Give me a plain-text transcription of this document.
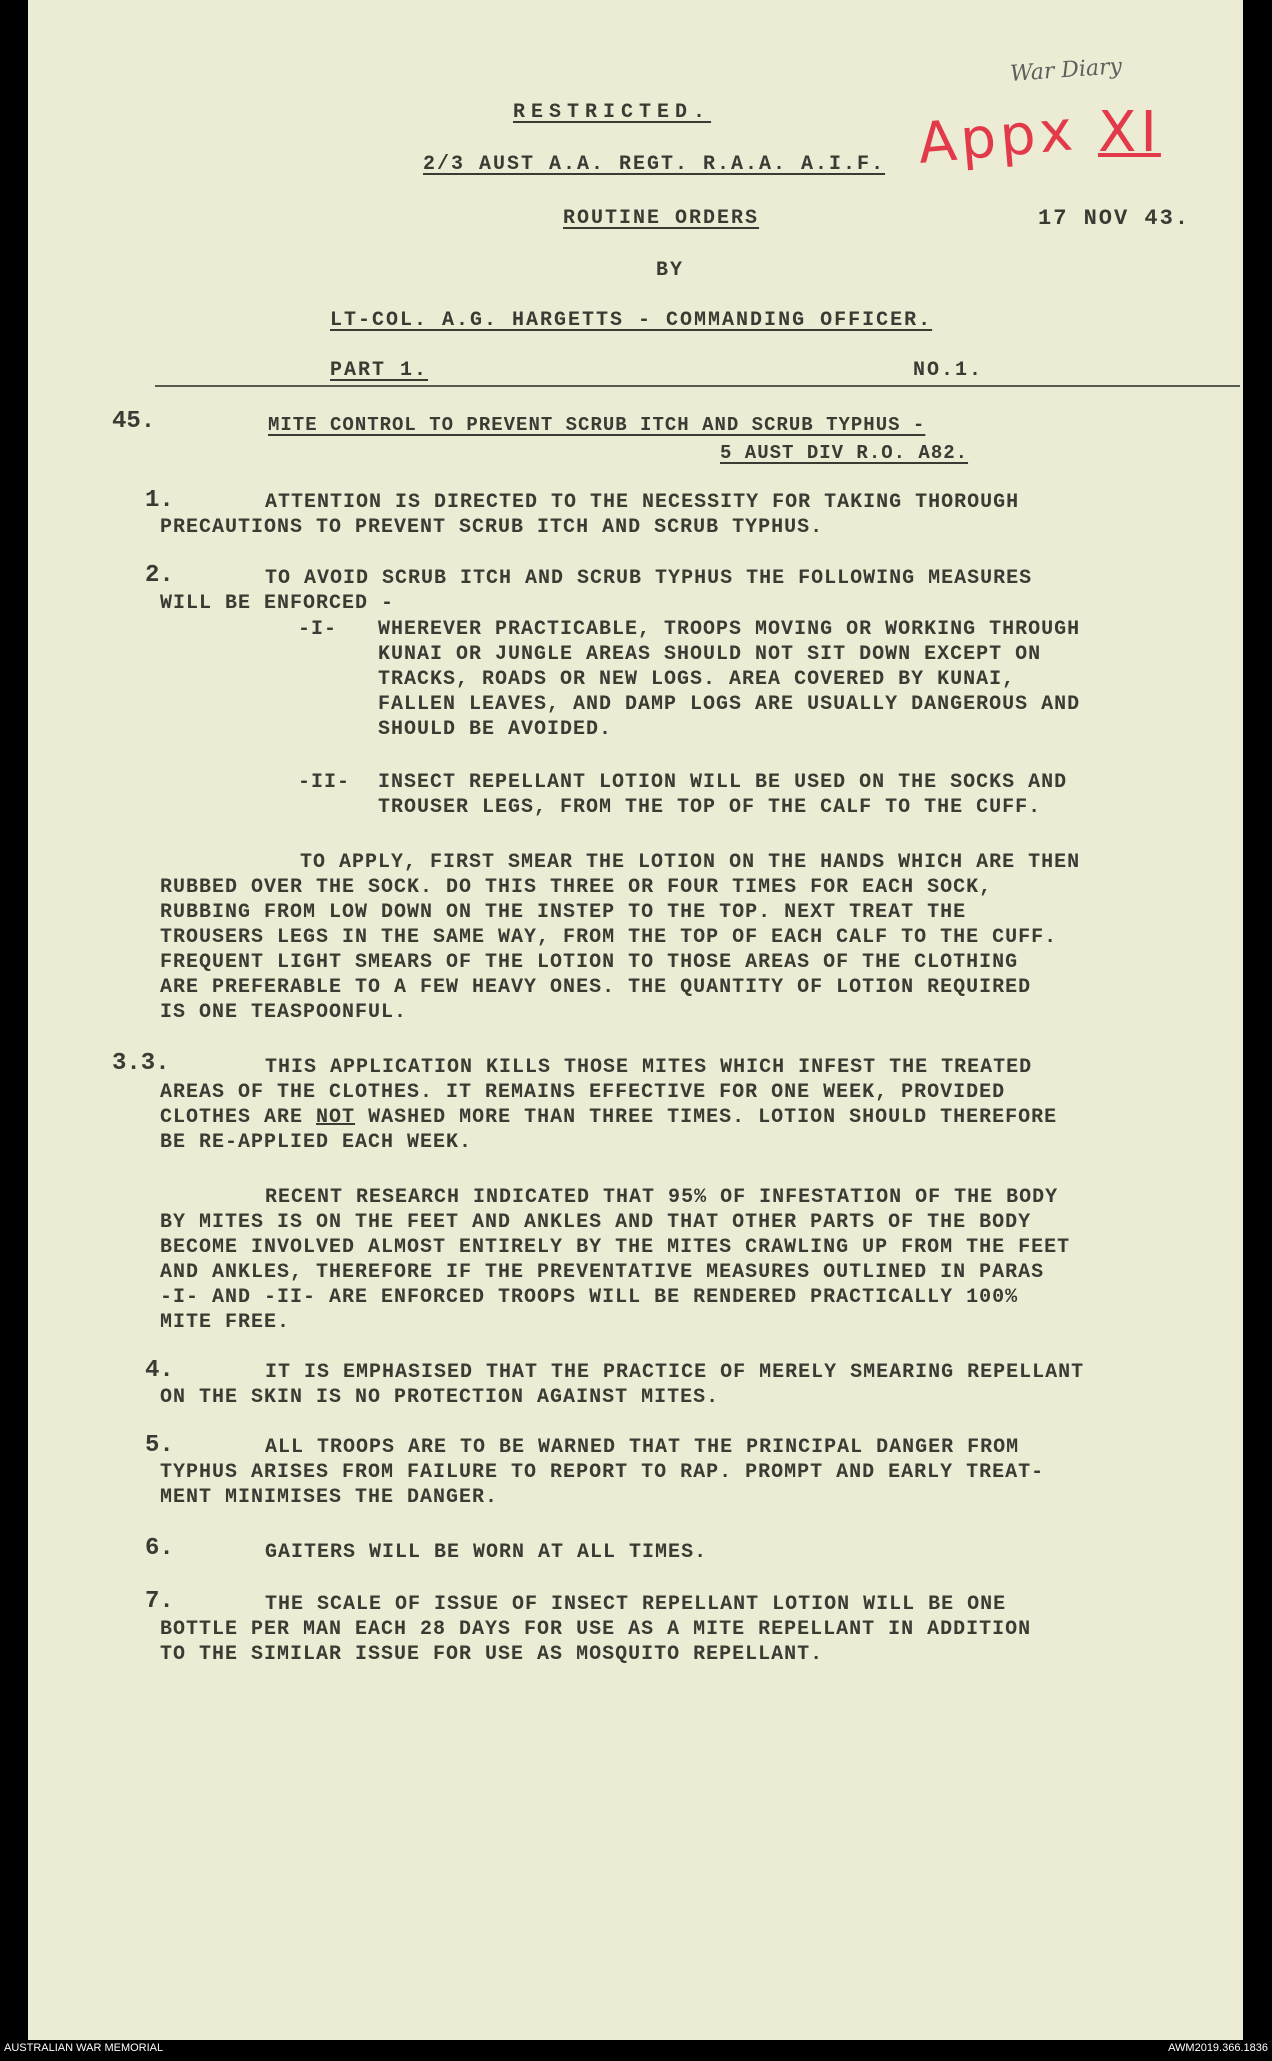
War Diary
Appx XI
RESTRICTED.
2/3 AUST A.A. REGT. R.A.A. A.I.F.
ROUTINE ORDERS	17 NOV 43.
BY
LT-COL. A.G. HARGETTS - COMMANDING OFFICER.
PART 1.	NO.1.
45.	MITE CONTROL TO PREVENT SCRUB ITCH AND SCRUB TYPHUS -
5 AUST DIV R.O. A82.
1.	ATTENTION IS DIRECTED TO THE NECESSITY FOR TAKING THOROUGH
PRECAUTIONS TO PREVENT SCRUB ITCH AND SCRUB TYPHUS.
2.	TO AVOID SCRUB ITCH AND SCRUB TYPHUS THE FOLLOWING MEASURES
WILL BE ENFORCED -
-I- WHEREVER PRACTICABLE, TROOPS MOVING OR WORKING THROUGH
KUNAI OR JUNGLE AREAS SHOULD NOT SIT DOWN EXCEPT ON
TRACKS, ROADS OR NEW LOGS. AREA COVERED BY KUNAI,
FALLEN LEAVES, AND DAMP LOGS ARE USUALLY DANGEROUS AND
SHOULD BE AVOIDED.
-II- INSECT REPELLANT LOTION WILL BE USED ON THE SOCKS AND
TROUSER LEGS, FROM THE TOP OF THE CALF TO THE CUFF.
TO APPLY, FIRST SMEAR THE LOTION ON THE HANDS WHICH ARE THEN
RUBBED OVER THE SOCK. DO THIS THREE OR FOUR TIMES FOR EACH SOCK,
RUBBING FROM LOW DOWN ON THE INSTEP TO THE TOP. NEXT TREAT THE
TROUSERS LEGS IN THE SAME WAY, FROM THE TOP OF EACH CALF TO THE CUFF.
FREQUENT LIGHT SMEARS OF THE LOTION TO THOSE AREAS OF THE CLOTHING
ARE PREFERABLE TO A FEW HEAVY ONES. THE QUANTITY OF LOTION REQUIRED
IS ONE TEASPOONFUL.
3.3.	THIS APPLICATION KILLS THOSE MITES WHICH INFEST THE TREATED
AREAS OF THE CLOTHES. IT REMAINS EFFECTIVE FOR ONE WEEK, PROVIDED
CLOTHES ARE NOT WASHED MORE THAN THREE TIMES. LOTION SHOULD THEREFORE
BE RE-APPLIED EACH WEEK.
RECENT RESEARCH INDICATED THAT 95% OF INFESTATION OF THE BODY
BY MITES IS ON THE FEET AND ANKLES AND THAT OTHER PARTS OF THE BODY
BECOME INVOLVED ALMOST ENTIRELY BY THE MITES CRAWLING UP FROM THE FEET
AND ANKLES, THEREFORE IF THE PREVENTATIVE MEASURES OUTLINED IN PARAS
-I- AND -II- ARE ENFORCED TROOPS WILL BE RENDERED PRACTICALLY 100%
MITE FREE.
4.	IT IS EMPHASISED THAT THE PRACTICE OF MERELY SMEARING REPELLANT
ON THE SKIN IS NO PROTECTION AGAINST MITES.
5.	ALL TROOPS ARE TO BE WARNED THAT THE PRINCIPAL DANGER FROM
TYPHUS ARISES FROM FAILURE TO REPORT TO RAP. PROMPT AND EARLY TREAT-
MENT MINIMISES THE DANGER.
6.	GAITERS WILL BE WORN AT ALL TIMES.
7.	THE SCALE OF ISSUE OF INSECT REPELLANT LOTION WILL BE ONE
BOTTLE PER MAN EACH 28 DAYS FOR USE AS A MITE REPELLANT IN ADDITION
TO THE SIMILAR ISSUE FOR USE AS MOSQUITO REPELLANT.
AUSTRALIAN WAR MEMORIAL	AWM2019.366.1836
